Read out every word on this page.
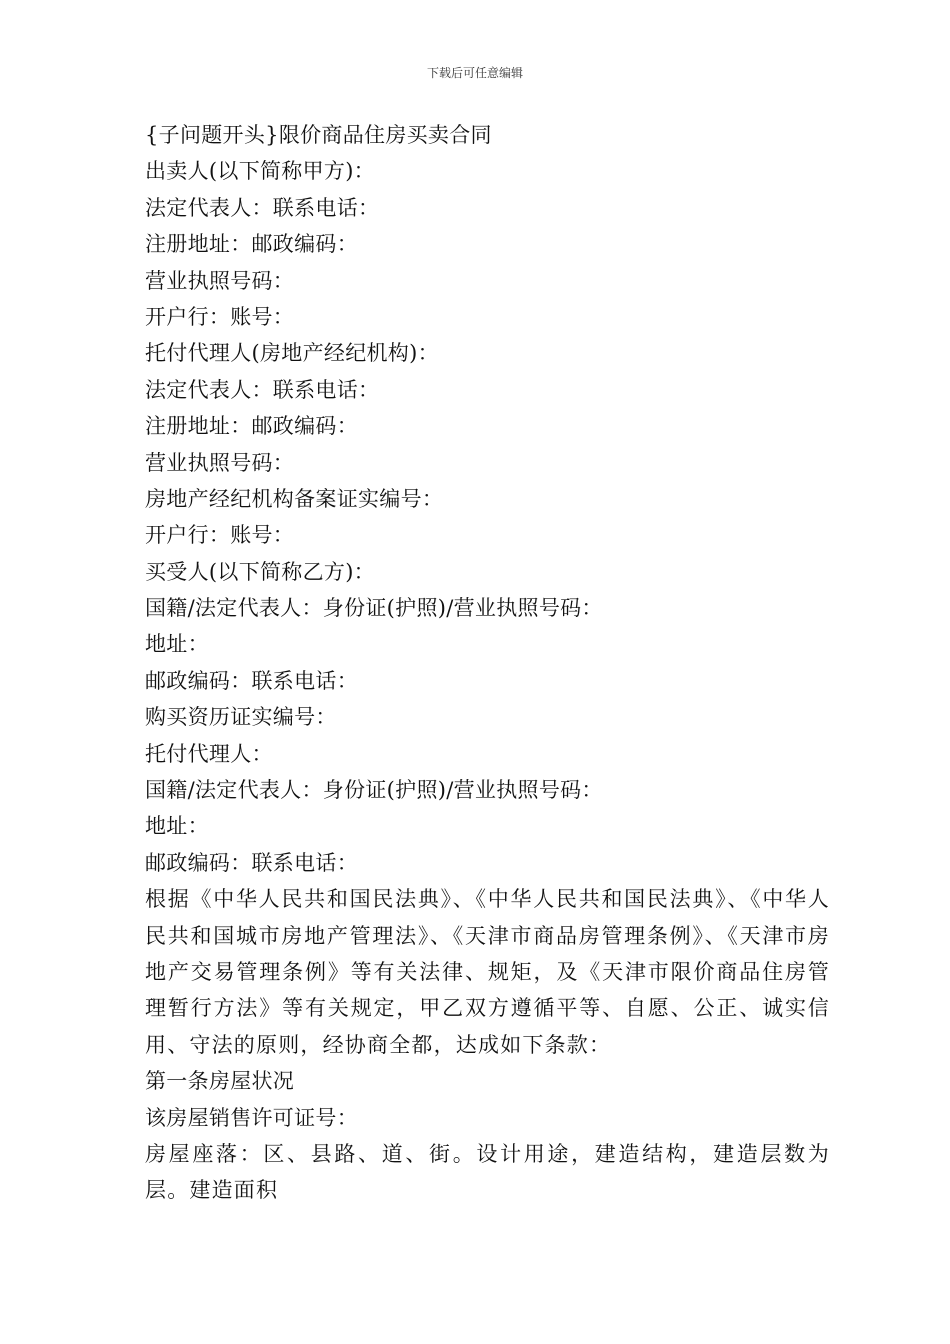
下载后可任意编辑
{子问题开头}限价商品住房买卖合同
出卖人(以下简称甲方)：
法定代表人：联系电话：
注册地址：邮政编码：
营业执照号码：
开户行：账号：
托付代理人(房地产经纪机构)：
法定代表人：联系电话：
注册地址：邮政编码：
营业执照号码：
房地产经纪机构备案证实编号：
开户行：账号：
买受人(以下简称乙方)：
国籍/法定代表人：身份证(护照)/营业执照号码：
地址：
邮政编码：联系电话：
购买资历证实编号：
托付代理人：
国籍/法定代表人：身份证(护照)/营业执照号码：
地址：
邮政编码：联系电话：
根据《中华人民共和国民法典》、《中华人民共和国民法典》、《中华人民共和国城市房地产管理法》、《天津市商品房管理条例》、《天津市房地产交易管理条例》等有关法律、规矩，及《天津市限价商品住房管理暂行方法》等有关规定，甲乙双方遵循平等、自愿、公正、诚实信用、守法的原则，经协商全都，达成如下条款：
第一条房屋状况
该房屋销售许可证号：
房屋座落：区、县路、道、街。设计用途，建造结构，建造层数为层。建造面积
